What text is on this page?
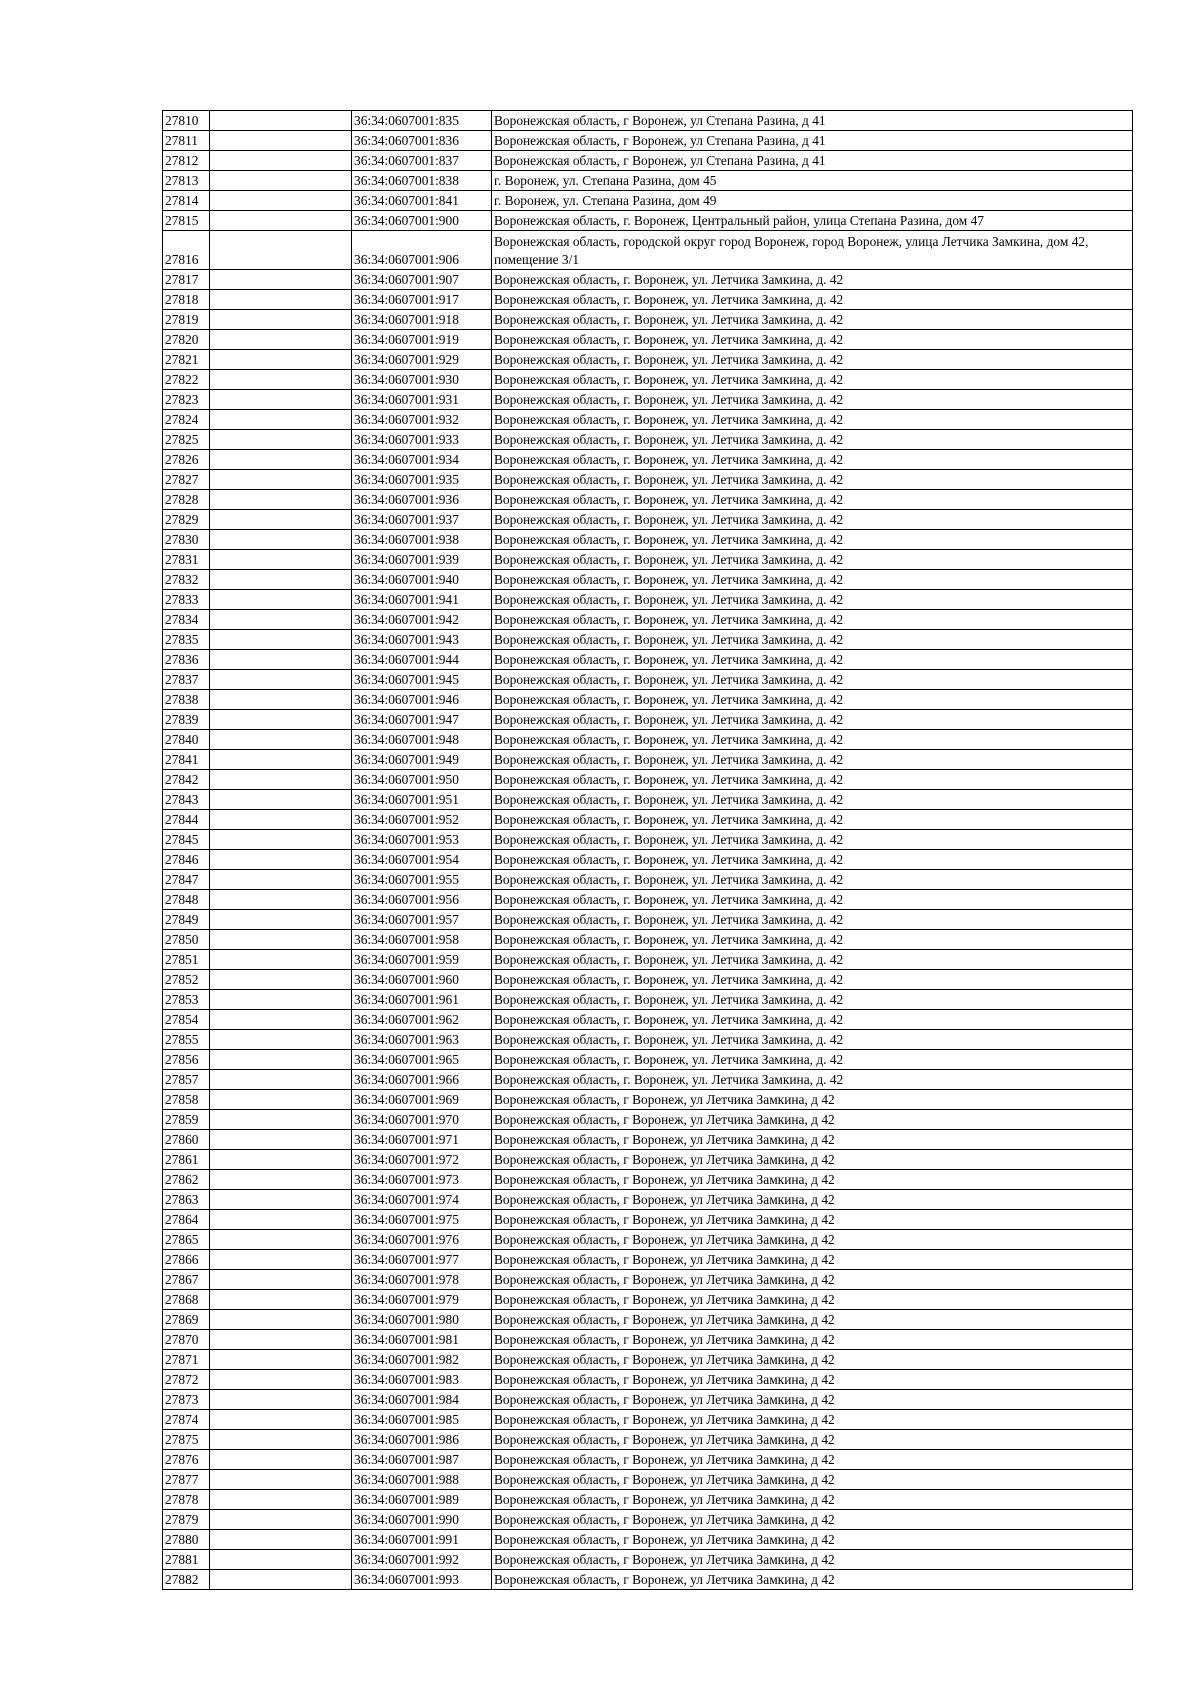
27810		36:34:0607001:835	Воронежская область, г Воронеж, ул Степана Разина, д 41
27811		36:34:0607001:836	Воронежская область, г Воронеж, ул Степана Разина, д 41
27812		36:34:0607001:837	Воронежская область, г Воронеж, ул Степана Разина, д 41
27813		36:34:0607001:838	г. Воронеж, ул. Степана Разина, дом 45
27814		36:34:0607001:841	г. Воронеж, ул. Степана Разина, дом 49
27815		36:34:0607001:900	Воронежская область, г. Воронеж, Центральный район, улица Степана Разина, дом 47
27816		36:34:0607001:906	Воронежская область, городской округ город Воронеж, город Воронеж, улица Летчика Замкина, дом 42, помещение 3/1
27817		36:34:0607001:907	Воронежская область, г. Воронеж, ул. Летчика Замкина, д. 42
27818		36:34:0607001:917	Воронежская область, г. Воронеж, ул. Летчика Замкина, д. 42
27819		36:34:0607001:918	Воронежская область, г. Воронеж, ул. Летчика Замкина, д. 42
27820		36:34:0607001:919	Воронежская область, г. Воронеж, ул. Летчика Замкина, д. 42
27821		36:34:0607001:929	Воронежская область, г. Воронеж, ул. Летчика Замкина, д. 42
27822		36:34:0607001:930	Воронежская область, г. Воронеж, ул. Летчика Замкина, д. 42
27823		36:34:0607001:931	Воронежская область, г. Воронеж, ул. Летчика Замкина, д. 42
27824		36:34:0607001:932	Воронежская область, г. Воронеж, ул. Летчика Замкина, д. 42
27825		36:34:0607001:933	Воронежская область, г. Воронеж, ул. Летчика Замкина, д. 42
27826		36:34:0607001:934	Воронежская область, г. Воронеж, ул. Летчика Замкина, д. 42
27827		36:34:0607001:935	Воронежская область, г. Воронеж, ул. Летчика Замкина, д. 42
27828		36:34:0607001:936	Воронежская область, г. Воронеж, ул. Летчика Замкина, д. 42
27829		36:34:0607001:937	Воронежская область, г. Воронеж, ул. Летчика Замкина, д. 42
27830		36:34:0607001:938	Воронежская область, г. Воронеж, ул. Летчика Замкина, д. 42
27831		36:34:0607001:939	Воронежская область, г. Воронеж, ул. Летчика Замкина, д. 42
27832		36:34:0607001:940	Воронежская область, г. Воронеж, ул. Летчика Замкина, д. 42
27833		36:34:0607001:941	Воронежская область, г. Воронеж, ул. Летчика Замкина, д. 42
27834		36:34:0607001:942	Воронежская область, г. Воронеж, ул. Летчика Замкина, д. 42
27835		36:34:0607001:943	Воронежская область, г. Воронеж, ул. Летчика Замкина, д. 42
27836		36:34:0607001:944	Воронежская область, г. Воронеж, ул. Летчика Замкина, д. 42
27837		36:34:0607001:945	Воронежская область, г. Воронеж, ул. Летчика Замкина, д. 42
27838		36:34:0607001:946	Воронежская область, г. Воронеж, ул. Летчика Замкина, д. 42
27839		36:34:0607001:947	Воронежская область, г. Воронеж, ул. Летчика Замкина, д. 42
27840		36:34:0607001:948	Воронежская область, г. Воронеж, ул. Летчика Замкина, д. 42
27841		36:34:0607001:949	Воронежская область, г. Воронеж, ул. Летчика Замкина, д. 42
27842		36:34:0607001:950	Воронежская область, г. Воронеж, ул. Летчика Замкина, д. 42
27843		36:34:0607001:951	Воронежская область, г. Воронеж, ул. Летчика Замкина, д. 42
27844		36:34:0607001:952	Воронежская область, г. Воронеж, ул. Летчика Замкина, д. 42
27845		36:34:0607001:953	Воронежская область, г. Воронеж, ул. Летчика Замкина, д. 42
27846		36:34:0607001:954	Воронежская область, г. Воронеж, ул. Летчика Замкина, д. 42
27847		36:34:0607001:955	Воронежская область, г. Воронеж, ул. Летчика Замкина, д. 42
27848		36:34:0607001:956	Воронежская область, г. Воронеж, ул. Летчика Замкина, д. 42
27849		36:34:0607001:957	Воронежская область, г. Воронеж, ул. Летчика Замкина, д. 42
27850		36:34:0607001:958	Воронежская область, г. Воронеж, ул. Летчика Замкина, д. 42
27851		36:34:0607001:959	Воронежская область, г. Воронеж, ул. Летчика Замкина, д. 42
27852		36:34:0607001:960	Воронежская область, г. Воронеж, ул. Летчика Замкина, д. 42
27853		36:34:0607001:961	Воронежская область, г. Воронеж, ул. Летчика Замкина, д. 42
27854		36:34:0607001:962	Воронежская область, г. Воронеж, ул. Летчика Замкина, д. 42
27855		36:34:0607001:963	Воронежская область, г. Воронеж, ул. Летчика Замкина, д. 42
27856		36:34:0607001:965	Воронежская область, г. Воронеж, ул. Летчика Замкина, д. 42
27857		36:34:0607001:966	Воронежская область, г. Воронеж, ул. Летчика Замкина, д. 42
27858		36:34:0607001:969	Воронежская область, г Воронеж, ул Летчика Замкина, д 42
27859		36:34:0607001:970	Воронежская область, г Воронеж, ул Летчика Замкина, д 42
27860		36:34:0607001:971	Воронежская область, г Воронеж, ул Летчика Замкина, д 42
27861		36:34:0607001:972	Воронежская область, г Воронеж, ул Летчика Замкина, д 42
27862		36:34:0607001:973	Воронежская область, г Воронеж, ул Летчика Замкина, д 42
27863		36:34:0607001:974	Воронежская область, г Воронеж, ул Летчика Замкина, д 42
27864		36:34:0607001:975	Воронежская область, г Воронеж, ул Летчика Замкина, д 42
27865		36:34:0607001:976	Воронежская область, г Воронеж, ул Летчика Замкина, д 42
27866		36:34:0607001:977	Воронежская область, г Воронеж, ул Летчика Замкина, д 42
27867		36:34:0607001:978	Воронежская область, г Воронеж, ул Летчика Замкина, д 42
27868		36:34:0607001:979	Воронежская область, г Воронеж, ул Летчика Замкина, д 42
27869		36:34:0607001:980	Воронежская область, г Воронеж, ул Летчика Замкина, д 42
27870		36:34:0607001:981	Воронежская область, г Воронеж, ул Летчика Замкина, д 42
27871		36:34:0607001:982	Воронежская область, г Воронеж, ул Летчика Замкина, д 42
27872		36:34:0607001:983	Воронежская область, г Воронеж, ул Летчика Замкина, д 42
27873		36:34:0607001:984	Воронежская область, г Воронеж, ул Летчика Замкина, д 42
27874		36:34:0607001:985	Воронежская область, г Воронеж, ул Летчика Замкина, д 42
27875		36:34:0607001:986	Воронежская область, г Воронеж, ул Летчика Замкина, д 42
27876		36:34:0607001:987	Воронежская область, г Воронеж, ул Летчика Замкина, д 42
27877		36:34:0607001:988	Воронежская область, г Воронеж, ул Летчика Замкина, д 42
27878		36:34:0607001:989	Воронежская область, г Воронеж, ул Летчика Замкина, д 42
27879		36:34:0607001:990	Воронежская область, г Воронеж, ул Летчика Замкина, д 42
27880		36:34:0607001:991	Воронежская область, г Воронеж, ул Летчика Замкина, д 42
27881		36:34:0607001:992	Воронежская область, г Воронеж, ул Летчика Замкина, д 42
27882		36:34:0607001:993	Воронежская область, г Воронеж, ул Летчика Замкина, д 42
